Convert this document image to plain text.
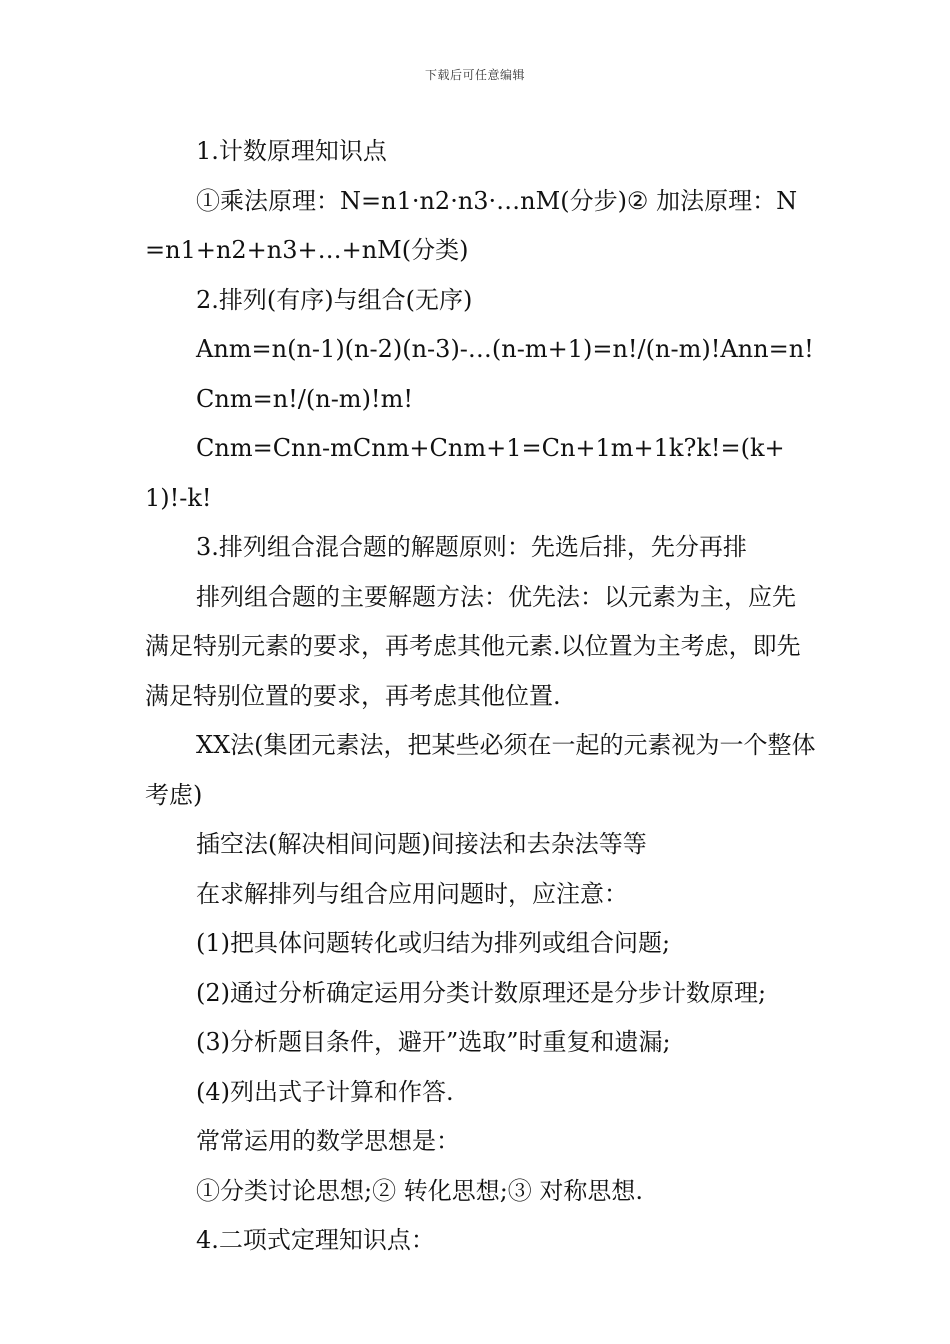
下载后可任意编辑

1.计数原理知识点

①乘法原理：N=n1·n2·n3·…nM(分步)② 加法原理：N=n1+n2+n3+…+nM(分类)

2.排列(有序)与组合(无序)

Anm=n(n-1)(n-2)(n-3)-…(n-m+1)=n!/(n-m)!Ann=n!

Cnm=n!/(n-m)!m!

Cnm=Cnn-mCnm+Cnm+1=Cn+1m+1k?k!=(k+1)!-k!

3.排列组合混合题的解题原则：先选后排，先分再排

排列组合题的主要解题方法：优先法：以元素为主，应先满足特别元素的要求，再考虑其他元素.以位置为主考虑，即先满足特别位置的要求，再考虑其他位置.

XX法(集团元素法，把某些必须在一起的元素视为一个整体考虑)

插空法(解决相间问题)间接法和去杂法等等

在求解排列与组合应用问题时，应注意：

(1)把具体问题转化或归结为排列或组合问题;

(2)通过分析确定运用分类计数原理还是分步计数原理;

(3)分析题目条件，避开”选取”时重复和遗漏;

(4)列出式子计算和作答.

常常运用的数学思想是：

①分类讨论思想;② 转化思想;③ 对称思想.

4.二项式定理知识点：
